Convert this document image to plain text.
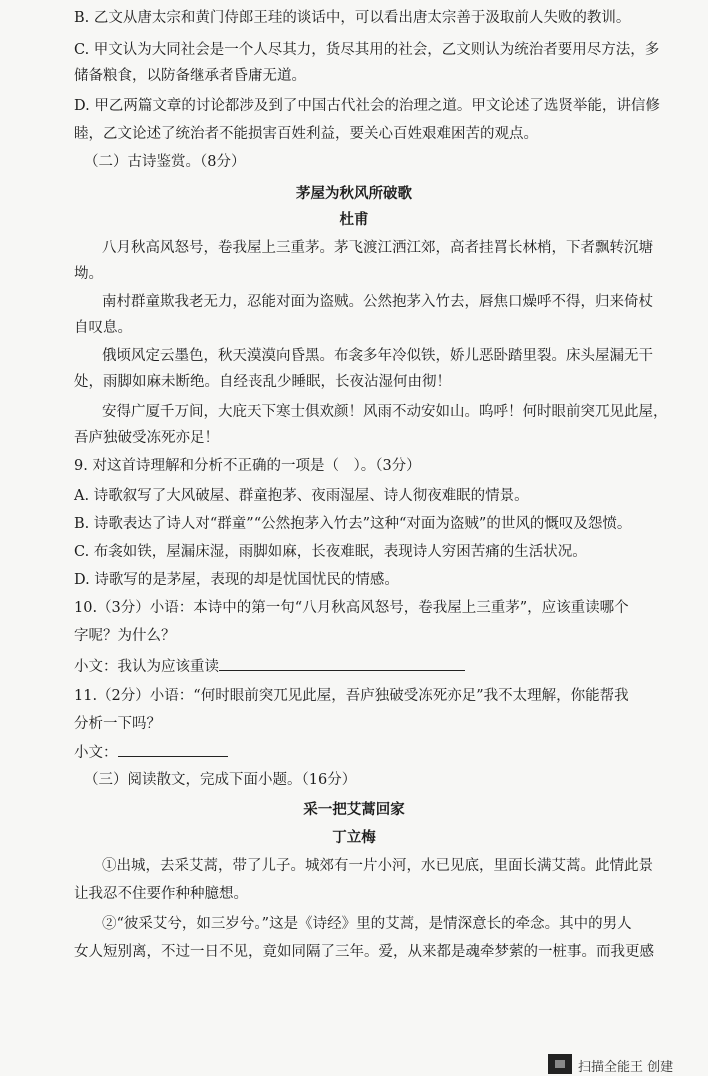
B. 乙文从唐太宗和黄门侍郎王珪的谈话中，可以看出唐太宗善于汲取前人失败的教训。
C. 甲文认为大同社会是一个人尽其力，货尽其用的社会，乙文则认为统治者要用尽方法，多
储备粮食，以防备继承者昏庸无道。
D. 甲乙两篇文章的讨论都涉及到了中国古代社会的治理之道。甲文论述了选贤举能，讲信修
睦，乙文论述了统治者不能损害百姓利益，要关心百姓艰难困苦的观点。
（二）古诗鉴赏。（8分）
茅屋为秋风所破歌
杜甫
八月秋高风怒号，卷我屋上三重茅。茅飞渡江洒江郊，高者挂罥长林梢，下者飘转沉塘
坳。
南村群童欺我老无力，忍能对面为盗贼。公然抱茅入竹去，唇焦口燥呼不得，归来倚杖
自叹息。
俄顷风定云墨色，秋天漠漠向昏黑。布衾多年冷似铁，娇儿恶卧踏里裂。床头屋漏无干
处，雨脚如麻未断绝。自经丧乱少睡眠，长夜沾湿何由彻！
安得广厦千万间，大庇天下寒士俱欢颜！风雨不动安如山。呜呼！何时眼前突兀见此屋，
吾庐独破受冻死亦足！
9. 对这首诗理解和分析不正确的一项是（　）。（3分）
A. 诗歌叙写了大风破屋、群童抱茅、夜雨湿屋、诗人彻夜难眠的情景。
B. 诗歌表达了诗人对“群童”“公然抱茅入竹去”这种“对面为盗贼”的世风的慨叹及怨愤。
C. 布衾如铁，屋漏床湿，雨脚如麻，长夜难眠，表现诗人穷困苦痛的生活状况。
D. 诗歌写的是茅屋，表现的却是忧国忧民的情感。
10.（3分）小语：本诗中的第一句“八月秋高风怒号，卷我屋上三重茅”，应该重读哪个
字呢？为什么？
小文：我认为应该重读
11.（2分）小语：“何时眼前突兀见此屋，吾庐独破受冻死亦足”我不太理解，你能帮我
分析一下吗？
小文：
（三）阅读散文，完成下面小题。（16分）
采一把艾蒿回家
丁立梅
①出城，去采艾蒿，带了儿子。城郊有一片小河，水已见底，里面长满艾蒿。此情此景
让我忍不住要作种种臆想。
②“彼采艾兮，如三岁兮。”这是《诗经》里的艾蒿，是情深意长的牵念。其中的男人
女人短别离，不过一日不见，竟如同隔了三年。爱，从来都是魂牵梦萦的一桩事。而我更感
扫描全能王 创建
